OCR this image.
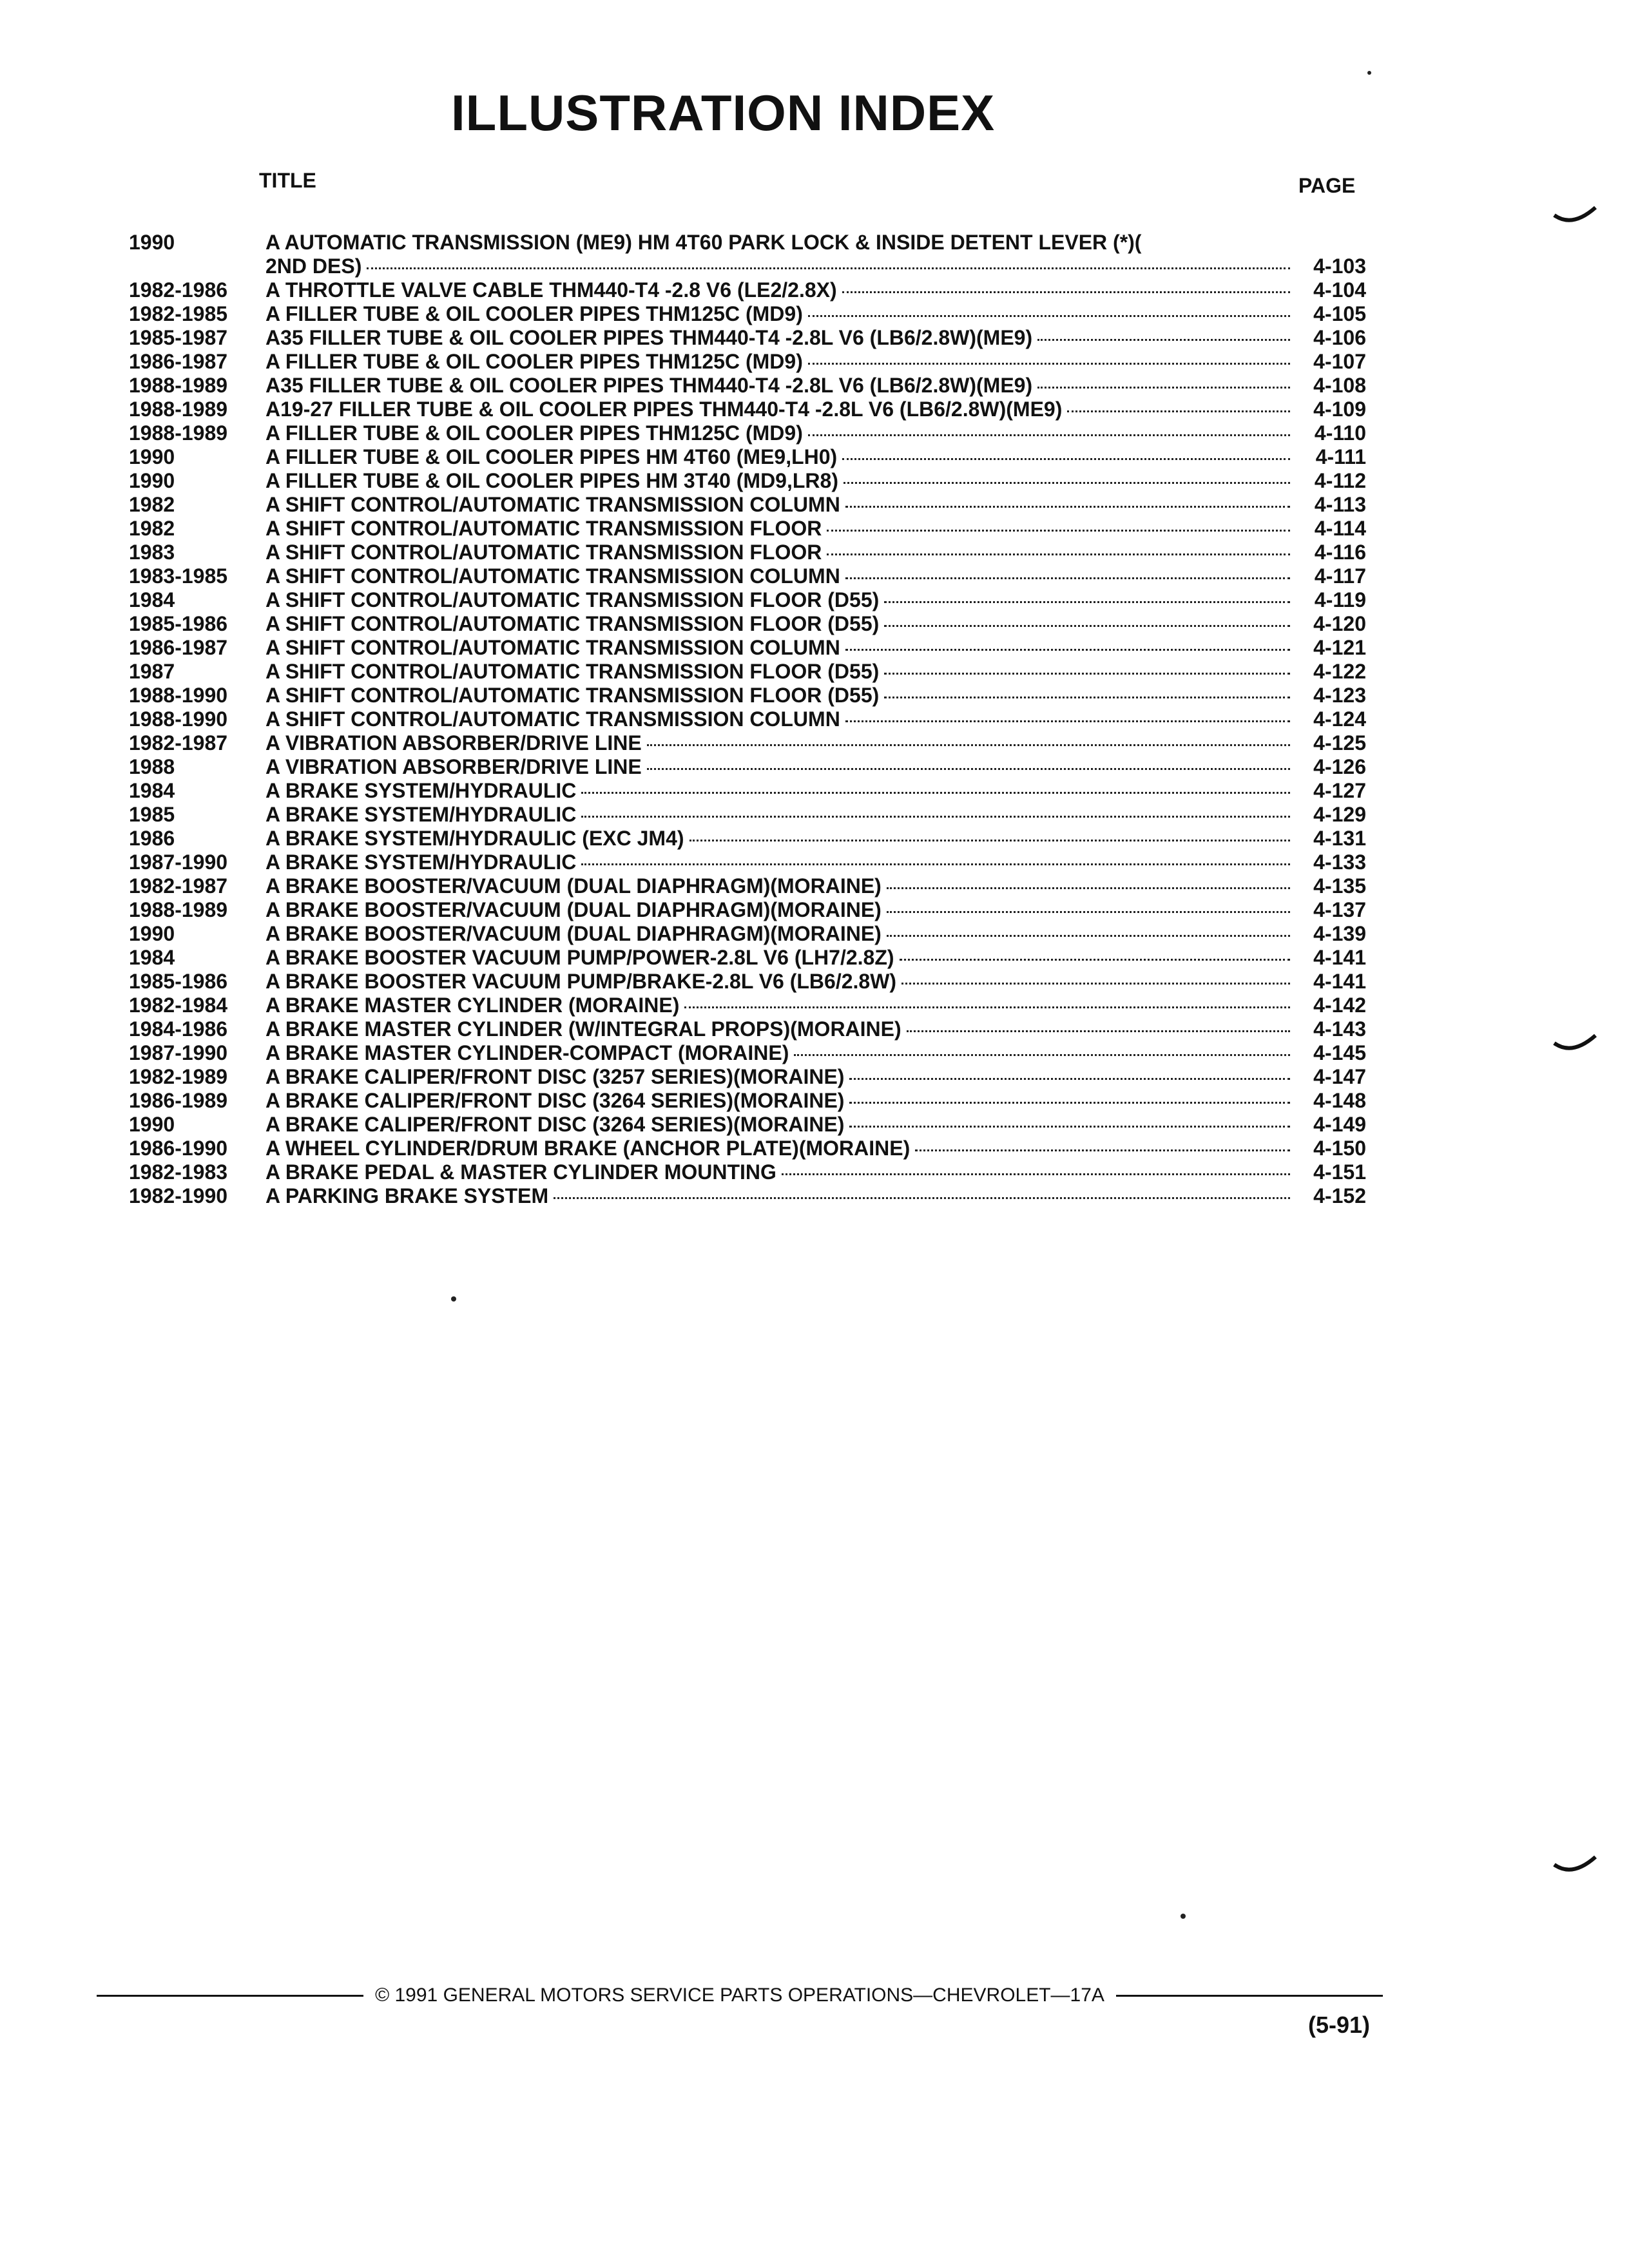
ILLUSTRATION INDEX
TITLE	PAGE
1990	A AUTOMATIC TRANSMISSION (ME9) HM 4T60 PARK LOCK & INSIDE DETENT LEVER (*)(
2ND DES)	4-103
1982-1986	A THROTTLE VALVE CABLE THM440-T4 -2.8 V6 (LE2/2.8X)	4-104
1982-1985	A FILLER TUBE & OIL COOLER PIPES THM125C (MD9)	4-105
1985-1987	A35 FILLER TUBE & OIL COOLER PIPES THM440-T4 -2.8L V6 (LB6/2.8W)(ME9)	4-106
1986-1987	A FILLER TUBE & OIL COOLER PIPES THM125C (MD9)	4-107
1988-1989	A35 FILLER TUBE & OIL COOLER PIPES THM440-T4 -2.8L V6 (LB6/2.8W)(ME9)	4-108
1988-1989	A19-27 FILLER TUBE & OIL COOLER PIPES THM440-T4 -2.8L V6 (LB6/2.8W)(ME9)	4-109
1988-1989	A FILLER TUBE & OIL COOLER PIPES THM125C (MD9)	4-110
1990	A FILLER TUBE & OIL COOLER PIPES HM 4T60 (ME9,LH0)	4-111
1990	A FILLER TUBE & OIL COOLER PIPES HM 3T40 (MD9,LR8)	4-112
1982	A SHIFT CONTROL/AUTOMATIC TRANSMISSION COLUMN	4-113
1982	A SHIFT CONTROL/AUTOMATIC TRANSMISSION FLOOR	4-114
1983	A SHIFT CONTROL/AUTOMATIC TRANSMISSION FLOOR	4-116
1983-1985	A SHIFT CONTROL/AUTOMATIC TRANSMISSION COLUMN	4-117
1984	A SHIFT CONTROL/AUTOMATIC TRANSMISSION FLOOR (D55)	4-119
1985-1986	A SHIFT CONTROL/AUTOMATIC TRANSMISSION FLOOR (D55)	4-120
1986-1987	A SHIFT CONTROL/AUTOMATIC TRANSMISSION COLUMN	4-121
1987	A SHIFT CONTROL/AUTOMATIC TRANSMISSION FLOOR (D55)	4-122
1988-1990	A SHIFT CONTROL/AUTOMATIC TRANSMISSION FLOOR (D55)	4-123
1988-1990	A SHIFT CONTROL/AUTOMATIC TRANSMISSION COLUMN	4-124
1982-1987	A VIBRATION ABSORBER/DRIVE LINE	4-125
1988	A VIBRATION ABSORBER/DRIVE LINE	4-126
1984	A BRAKE SYSTEM/HYDRAULIC	4-127
1985	A BRAKE SYSTEM/HYDRAULIC	4-129
1986	A BRAKE SYSTEM/HYDRAULIC (EXC JM4)	4-131
1987-1990	A BRAKE SYSTEM/HYDRAULIC	4-133
1982-1987	A BRAKE BOOSTER/VACUUM (DUAL DIAPHRAGM)(MORAINE)	4-135
1988-1989	A BRAKE BOOSTER/VACUUM (DUAL DIAPHRAGM)(MORAINE)	4-137
1990	A BRAKE BOOSTER/VACUUM (DUAL DIAPHRAGM)(MORAINE)	4-139
1984	A BRAKE BOOSTER VACUUM PUMP/POWER-2.8L V6 (LH7/2.8Z)	4-141
1985-1986	A BRAKE BOOSTER VACUUM PUMP/BRAKE-2.8L V6 (LB6/2.8W)	4-141
1982-1984	A BRAKE MASTER CYLINDER (MORAINE)	4-142
1984-1986	A BRAKE MASTER CYLINDER (W/INTEGRAL PROPS)(MORAINE)	4-143
1987-1990	A BRAKE MASTER CYLINDER-COMPACT (MORAINE)	4-145
1982-1989	A BRAKE CALIPER/FRONT DISC (3257 SERIES)(MORAINE)	4-147
1986-1989	A BRAKE CALIPER/FRONT DISC (3264 SERIES)(MORAINE)	4-148
1990	A BRAKE CALIPER/FRONT DISC (3264 SERIES)(MORAINE)	4-149
1986-1990	A WHEEL CYLINDER/DRUM BRAKE (ANCHOR PLATE)(MORAINE)	4-150
1982-1983	A BRAKE PEDAL & MASTER CYLINDER MOUNTING	4-151
1982-1990	A PARKING BRAKE SYSTEM	4-152
© 1991 GENERAL MOTORS SERVICE PARTS OPERATIONS—CHEVROLET—17A
(5-91)
